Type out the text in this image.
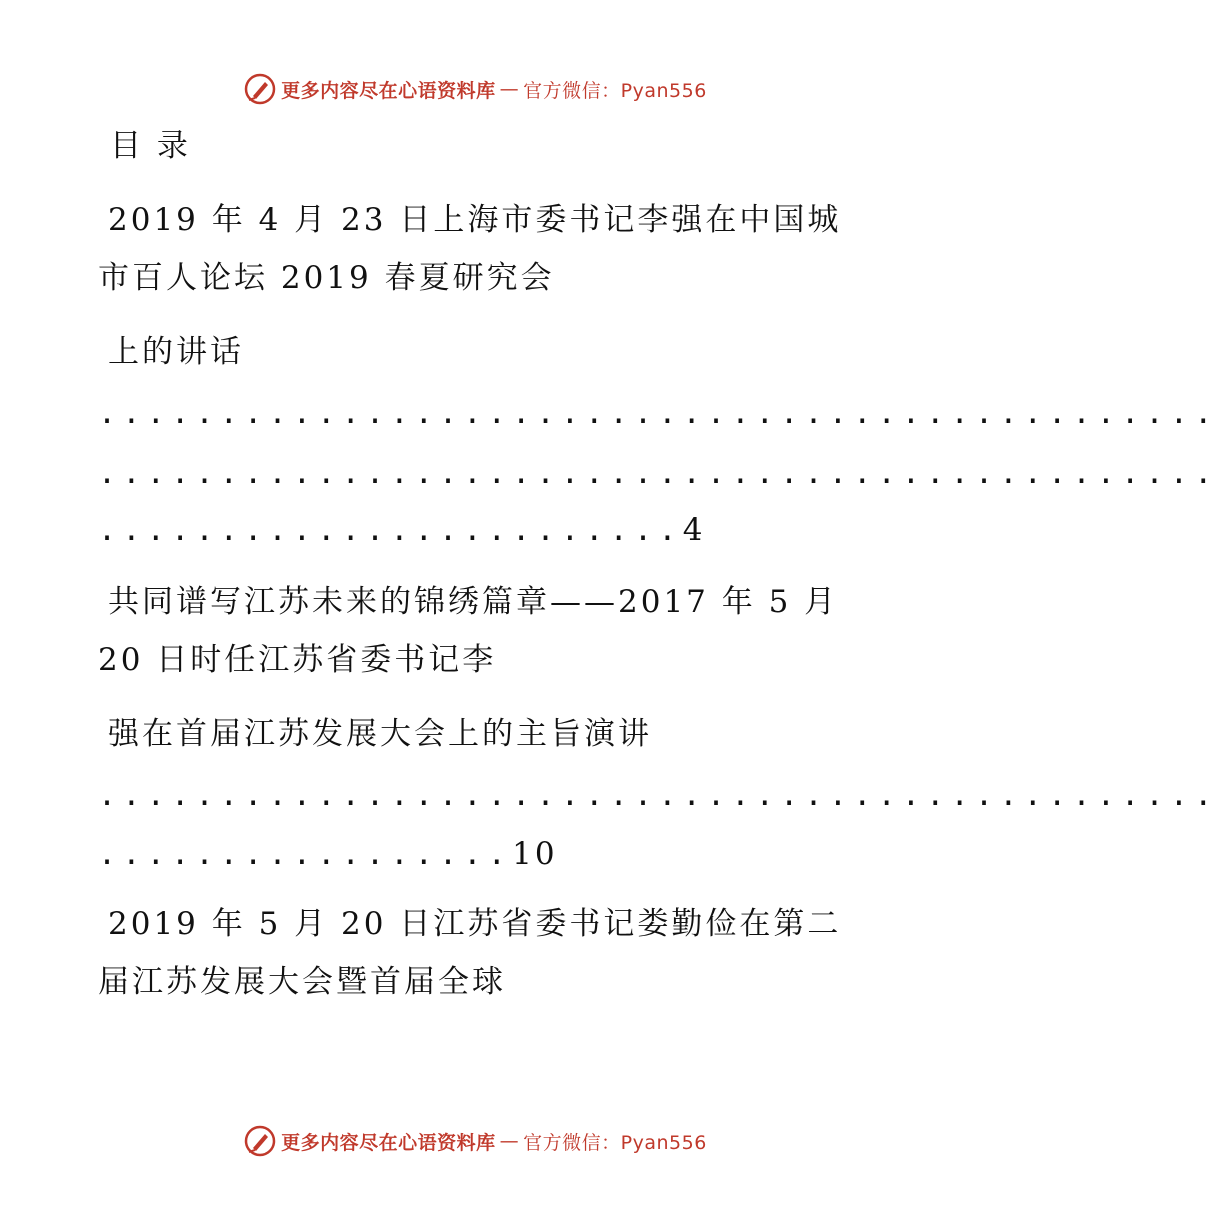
更多内容尽在心语资料库 — 官方微信：Pyan556
目 录
2019 年 4 月 23 日上海市委书记李强在中国城
市百人论坛 2019 春夏研究会
上的讲话
..............................................
..............................................
........................4
共同谱写江苏未来的锦绣篇章——2017 年 5 月
20 日时任江苏省委书记李
强在首届江苏发展大会上的主旨演讲
..............................................
.................10
2019 年 5 月 20 日江苏省委书记娄勤俭在第二
届江苏发展大会暨首届全球
更多内容尽在心语资料库 — 官方微信：Pyan556
